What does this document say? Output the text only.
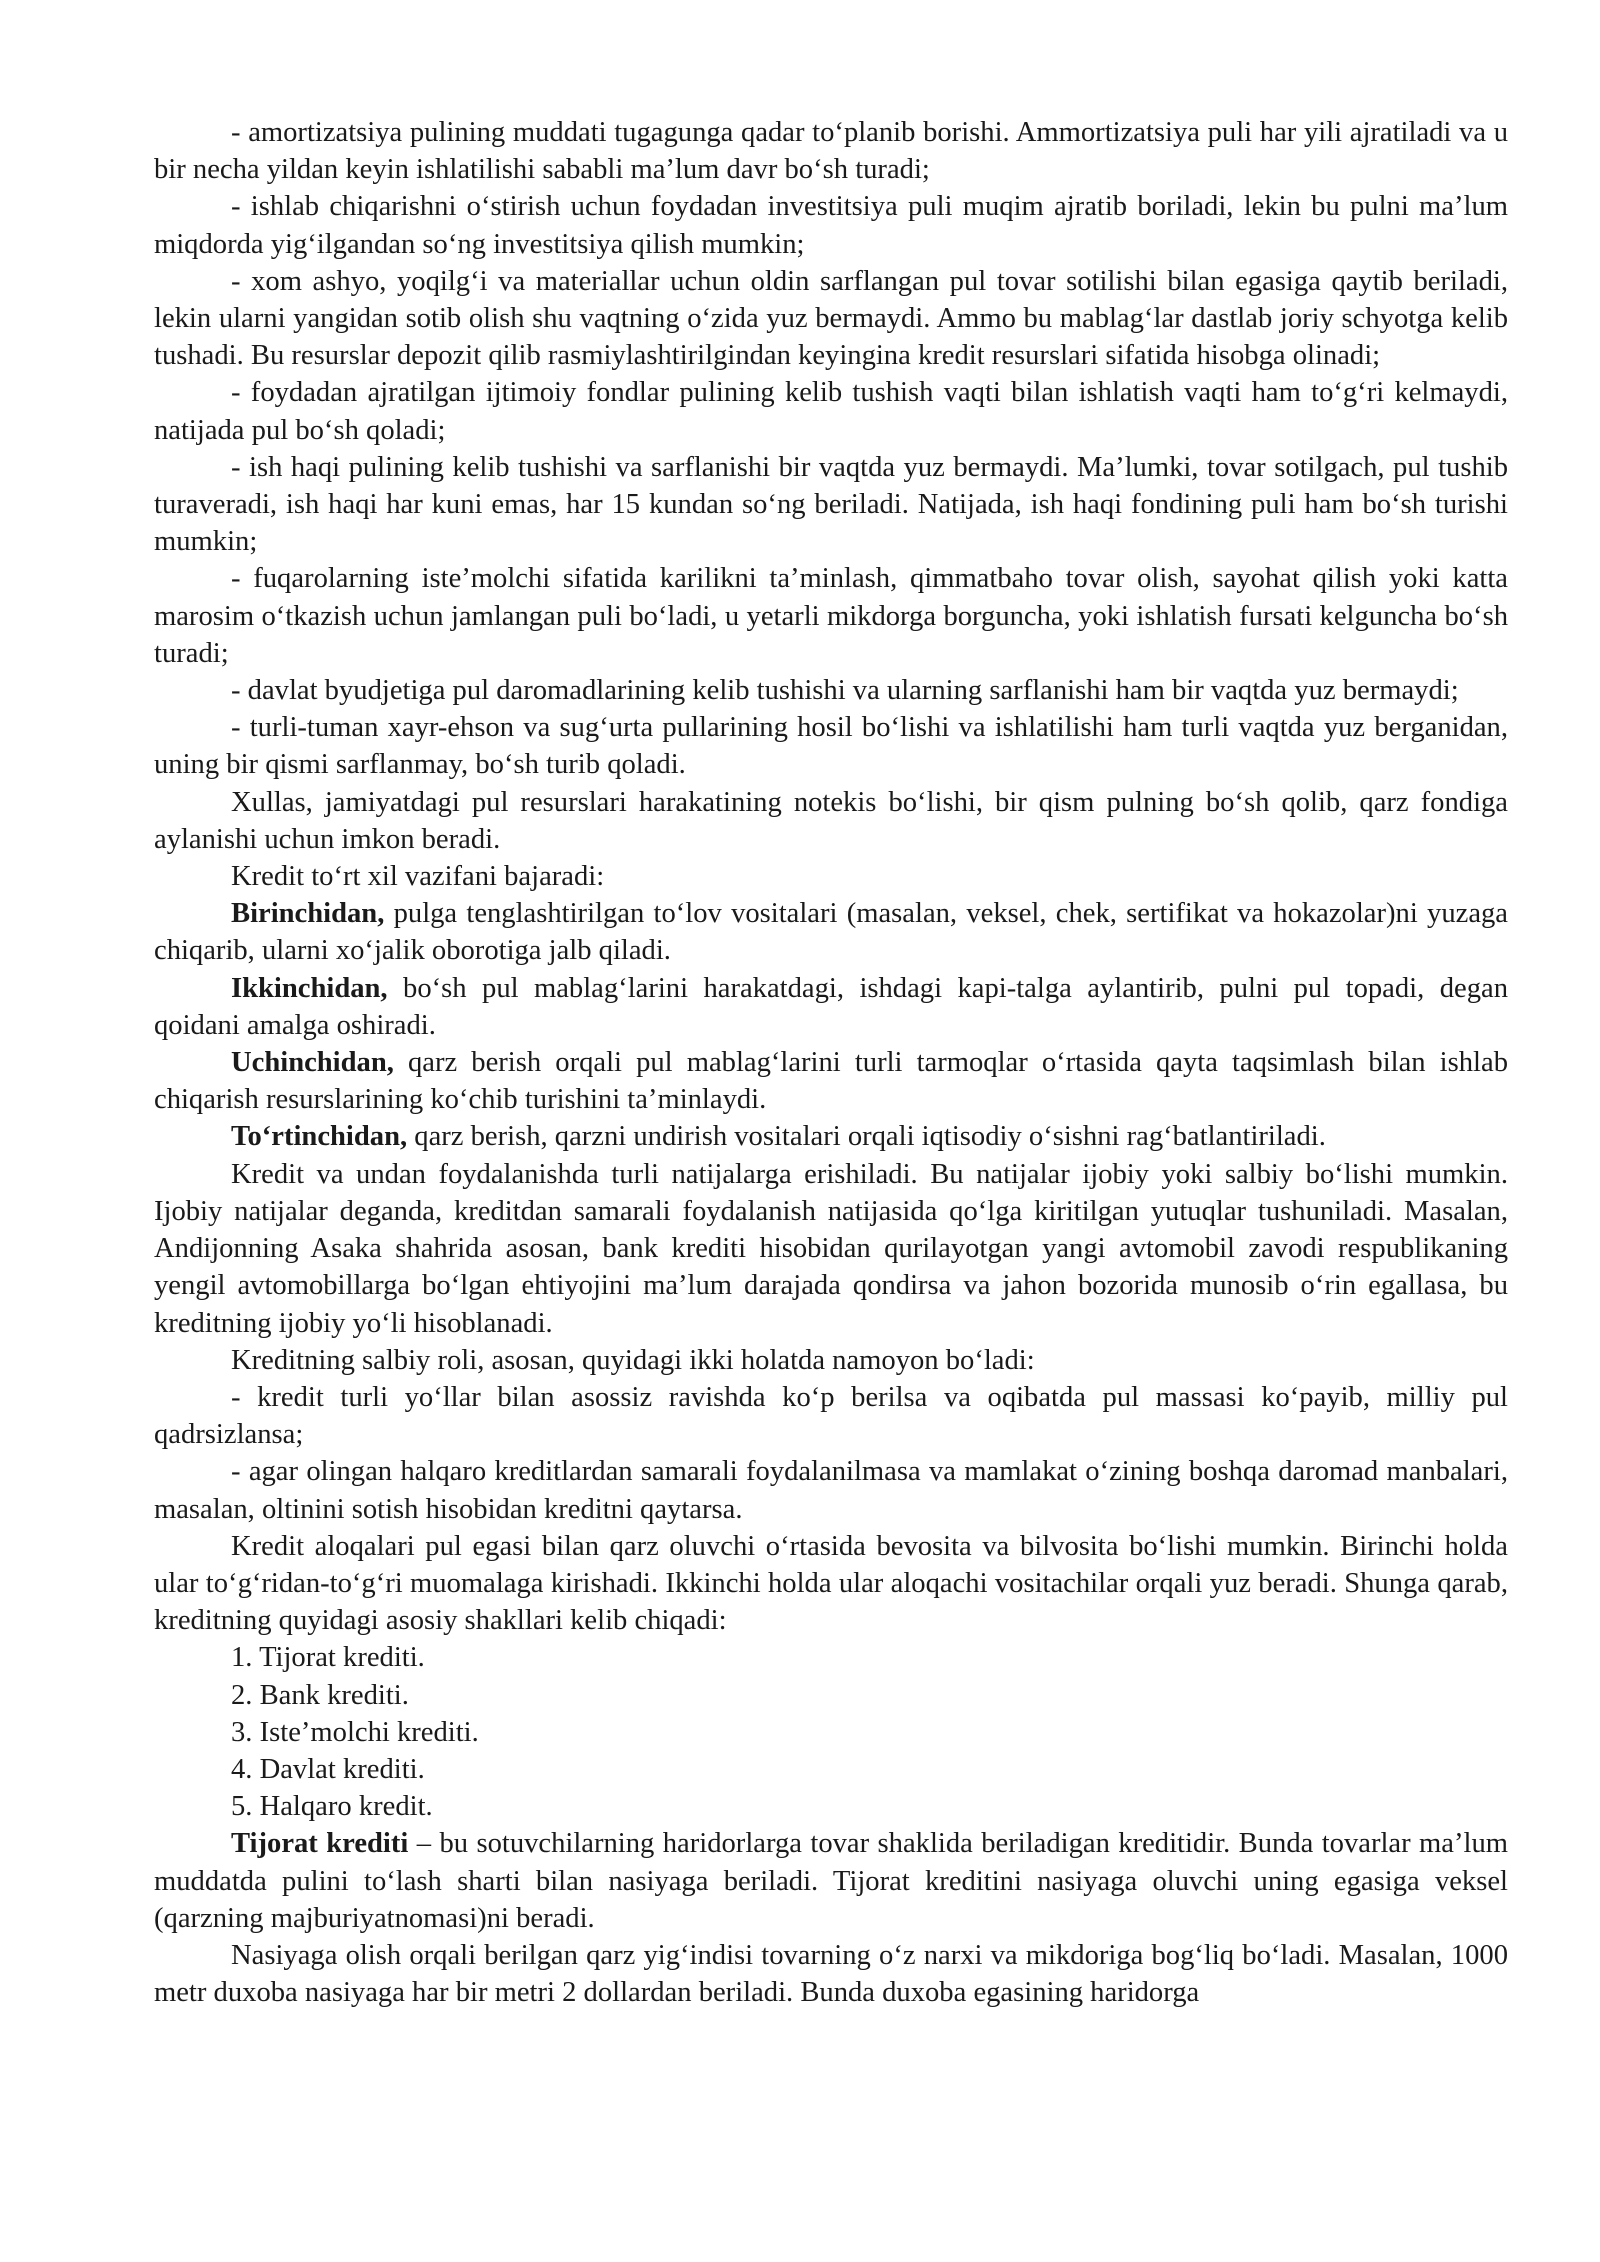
- amortizatsiya pulining muddati tugagunga qadar to‘planib borishi. Ammortizatsiya puli har yili ajratiladi va u bir necha yildan keyin ishlatilishi sababli ma’lum davr bo‘sh turadi;

- ishlab chiqarishni o‘stirish uchun foydadan investitsiya puli muqim ajratib boriladi, lekin bu pulni ma’lum miqdorda yig‘ilgandan so‘ng investitsiya qilish mumkin;

- xom ashyo, yoqilg‘i va materiallar uchun oldin sarflangan pul tovar sotilishi bilan egasiga qaytib beriladi, lekin ularni yangidan sotib olish shu vaqtning o‘zida yuz bermaydi. Ammo bu mablag‘lar dastlab joriy schyotga kelib tushadi. Bu resurslar depozit qilib rasmiylashtirilgindan keyingina kredit resurslari sifatida hisobga olinadi;

- foydadan ajratilgan ijtimoiy fondlar pulining kelib tushish vaqti bilan ishlatish vaqti ham to‘g‘ri kelmaydi, natijada pul bo‘sh qoladi;

- ish haqi pulining kelib tushishi va sarflanishi bir vaqtda yuz bermaydi. Ma’lumki, tovar sotilgach, pul tushib turaveradi, ish haqi har kuni emas, har 15 kundan so‘ng beriladi. Natijada, ish haqi fondining puli ham bo‘sh turishi mumkin;

- fuqarolarning iste’molchi sifatida karilikni ta’minlash, qimmatbaho tovar olish, sayohat qilish yoki katta marosim o‘tkazish uchun jamlangan puli bo‘ladi, u yetarli mikdorga borguncha, yoki ishlatish fursati kelguncha bo‘sh turadi;

- davlat byudjetiga pul daromadlarining kelib tushishi va ularning sarflanishi ham bir vaqtda yuz bermaydi;

- turli-tuman xayr-ehson va sug‘urta pullarining hosil bo‘lishi va ishlatilishi ham turli vaqtda yuz berganidan, uning bir qismi sarflanmay, bo‘sh turib qoladi.

Xullas, jamiyatdagi pul resurslari harakatining notekis bo‘lishi, bir qism pulning bo‘sh qolib, qarz fondiga aylanishi uchun imkon beradi.

Kredit to‘rt xil vazifani bajaradi:

Birinchidan, pulga tenglashtirilgan to‘lov vositalari (masalan, veksel, chek, sertifikat va hokazolar)ni yuzaga chiqarib, ularni xo‘jalik oborotiga jalb qiladi.

Ikkinchidan, bo‘sh pul mablag‘larini harakatdagi, ishdagi kapi-talga aylantirib, pulni pul topadi, degan qoidani amalga oshiradi.

Uchinchidan, qarz berish orqali pul mablag‘larini turli tarmoqlar o‘rtasida qayta taqsimlash bilan ishlab chiqarish resurslarining ko‘chib turishini ta’minlaydi.

To‘rtinchidan, qarz berish, qarzni undirish vositalari orqali iqtisodiy o‘sishni rag‘batlantiriladi.

Kredit va undan foydalanishda turli natijalarga erishiladi. Bu natijalar ijobiy yoki salbiy bo‘lishi mumkin. Ijobiy natijalar deganda, kreditdan samarali foydalanish natijasida qo‘lga kiritilgan yutuqlar tushuniladi. Masalan, Andijonning Asaka shahrida asosan, bank krediti hisobidan qurilayotgan yangi avtomobil zavodi respublikaning yengil avtomobillarga bo‘lgan ehtiyojini ma’lum darajada qondirsa va jahon bozorida munosib o‘rin egallasa, bu kreditning ijobiy yo‘li hisoblanadi.

Kreditning salbiy roli, asosan, quyidagi ikki holatda namoyon bo‘ladi:

- kredit turli yo‘llar bilan asossiz ravishda ko‘p berilsa va oqibatda pul massasi ko‘payib, milliy pul qadrsizlansa;

- agar olingan halqaro kreditlardan samarali foydalanilmasa va mamlakat o‘zining boshqa daromad manbalari, masalan, oltinini sotish hisobidan kreditni qaytarsa.

Kredit aloqalari pul egasi bilan qarz oluvchi o‘rtasida bevosita va bilvosita bo‘lishi mumkin. Birinchi holda ular to‘g‘ridan-to‘g‘ri muomalaga kirishadi. Ikkinchi holda ular aloqachi vositachilar orqali yuz beradi. Shunga qarab, kreditning quyidagi asosiy shakllari kelib chiqadi:

1. Tijorat krediti.

2. Bank krediti.

3. Iste’molchi krediti.

4. Davlat krediti.

5. Halqaro kredit.

Tijorat krediti – bu sotuvchilarning haridorlarga tovar shaklida beriladigan kreditidir. Bunda tovarlar ma’lum muddatda pulini to‘lash sharti bilan nasiyaga beriladi. Tijorat kreditini nasiyaga oluvchi uning egasiga veksel (qarzning majburiyatnomasi)ni beradi.

Nasiyaga olish orqali berilgan qarz yig‘indisi tovarning o‘z narxi va mikdoriga bog‘liq bo‘ladi. Masalan, 1000 metr duxoba nasiyaga har bir metri 2 dollardan beriladi. Bunda duxoba egasining haridorga
